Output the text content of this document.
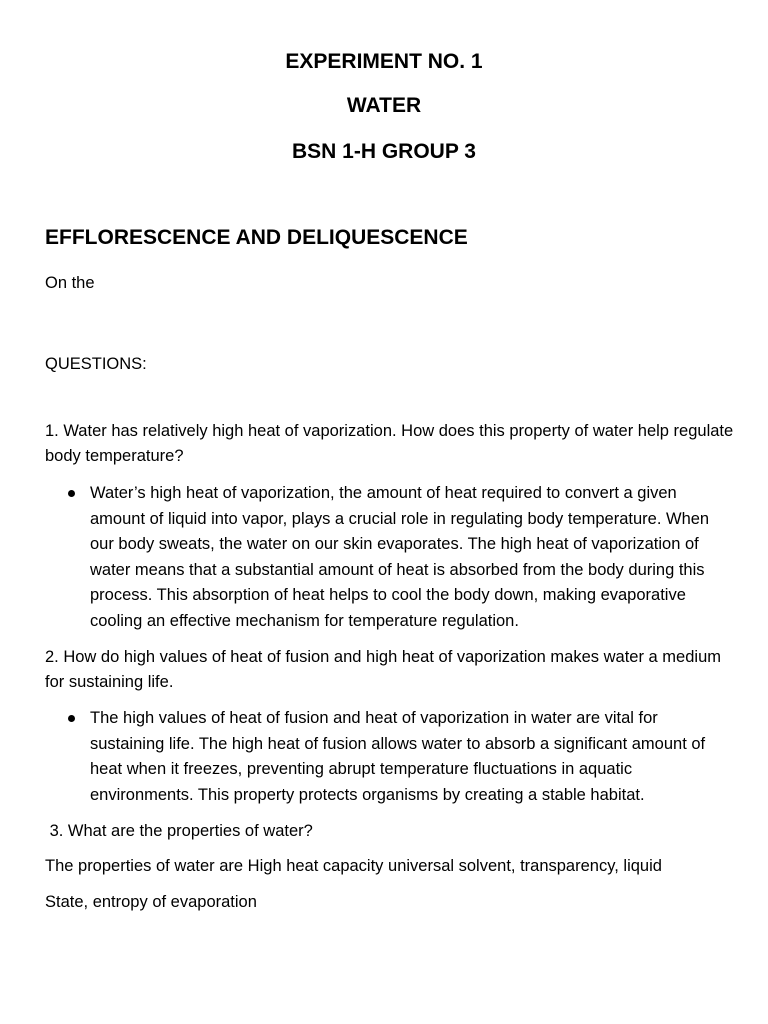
EXPERIMENT NO. 1
WATER
BSN 1-H GROUP 3
EFFLORESCENCE AND DELIQUESCENCE
On the
QUESTIONS:
1. Water has relatively high heat of vaporization. How does this property of water help regulate body temperature?
Water’s high heat of vaporization, the amount of heat required to convert a given amount of liquid into vapor, plays a crucial role in regulating body temperature. When our body sweats, the water on our skin evaporates. The high heat of vaporization of water means that a substantial amount of heat is absorbed from the body during this process. This absorption of heat helps to cool the body down, making evaporative cooling an effective mechanism for temperature regulation.
2. How do high values of heat of fusion and high heat of vaporization makes water a medium for sustaining life.
The high values of heat of fusion and heat of vaporization in water are vital for sustaining life. The high heat of fusion allows water to absorb a significant amount of heat when it freezes, preventing abrupt temperature fluctuations in aquatic environments. This property protects organisms by creating a stable habitat.
3. What are the properties of water?
The properties of water are High heat capacity universal solvent, transparency, liquid
State, entropy of evaporation
